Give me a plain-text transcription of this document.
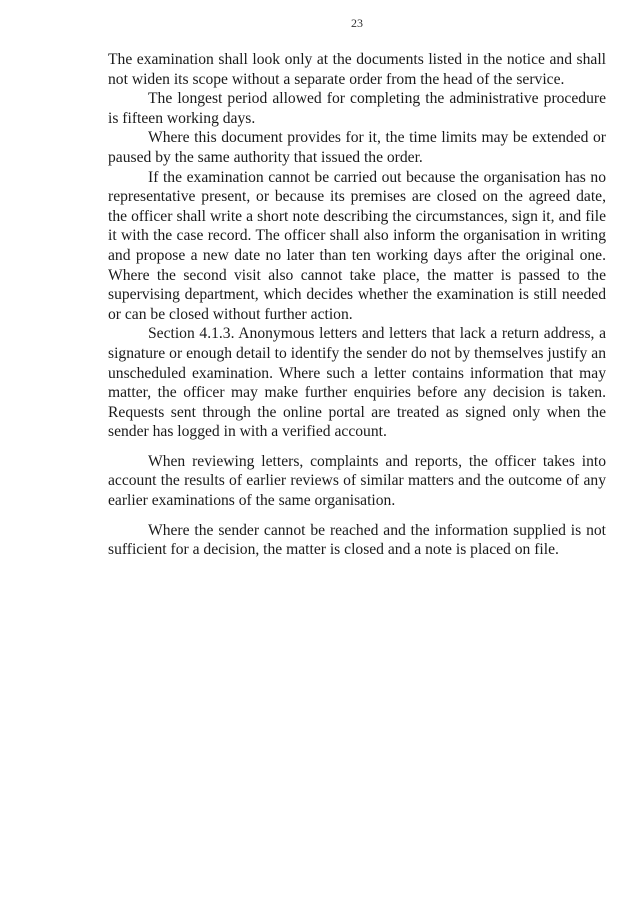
23

The examination shall look only at the documents listed in the notice and shall not widen its scope without a separate order from the head of the service.

The longest period allowed for completing the administrative procedure is fifteen working days.

Where this document provides for it, the time limits may be extended or paused by the same authority that issued the order.

If the examination cannot be carried out because the organisation has no representative present, or because its premises are closed on the agreed date, the officer shall write a short note describing the circumstances, sign it, and file it with the case record. The officer shall also inform the organisation in writing and propose a new date no later than ten working days after the original one. Where the second visit also cannot take place, the matter is passed to the supervising department, which decides whether the examination is still needed or can be closed without further action.

Section 4.1.3. Anonymous letters and letters that lack a return address, a signature or enough detail to identify the sender do not by themselves justify an unscheduled examination. Where such a letter contains information that may matter, the officer may make further enquiries before any decision is taken. Requests sent through the online portal are treated as signed only when the sender has logged in with a verified account.

When reviewing letters, complaints and reports, the officer takes into account the results of earlier reviews of similar matters and the outcome of any earlier examinations of the same organisation.

Where the sender cannot be reached and the information supplied is not sufficient for a decision, the matter is closed and a note is placed on file.
